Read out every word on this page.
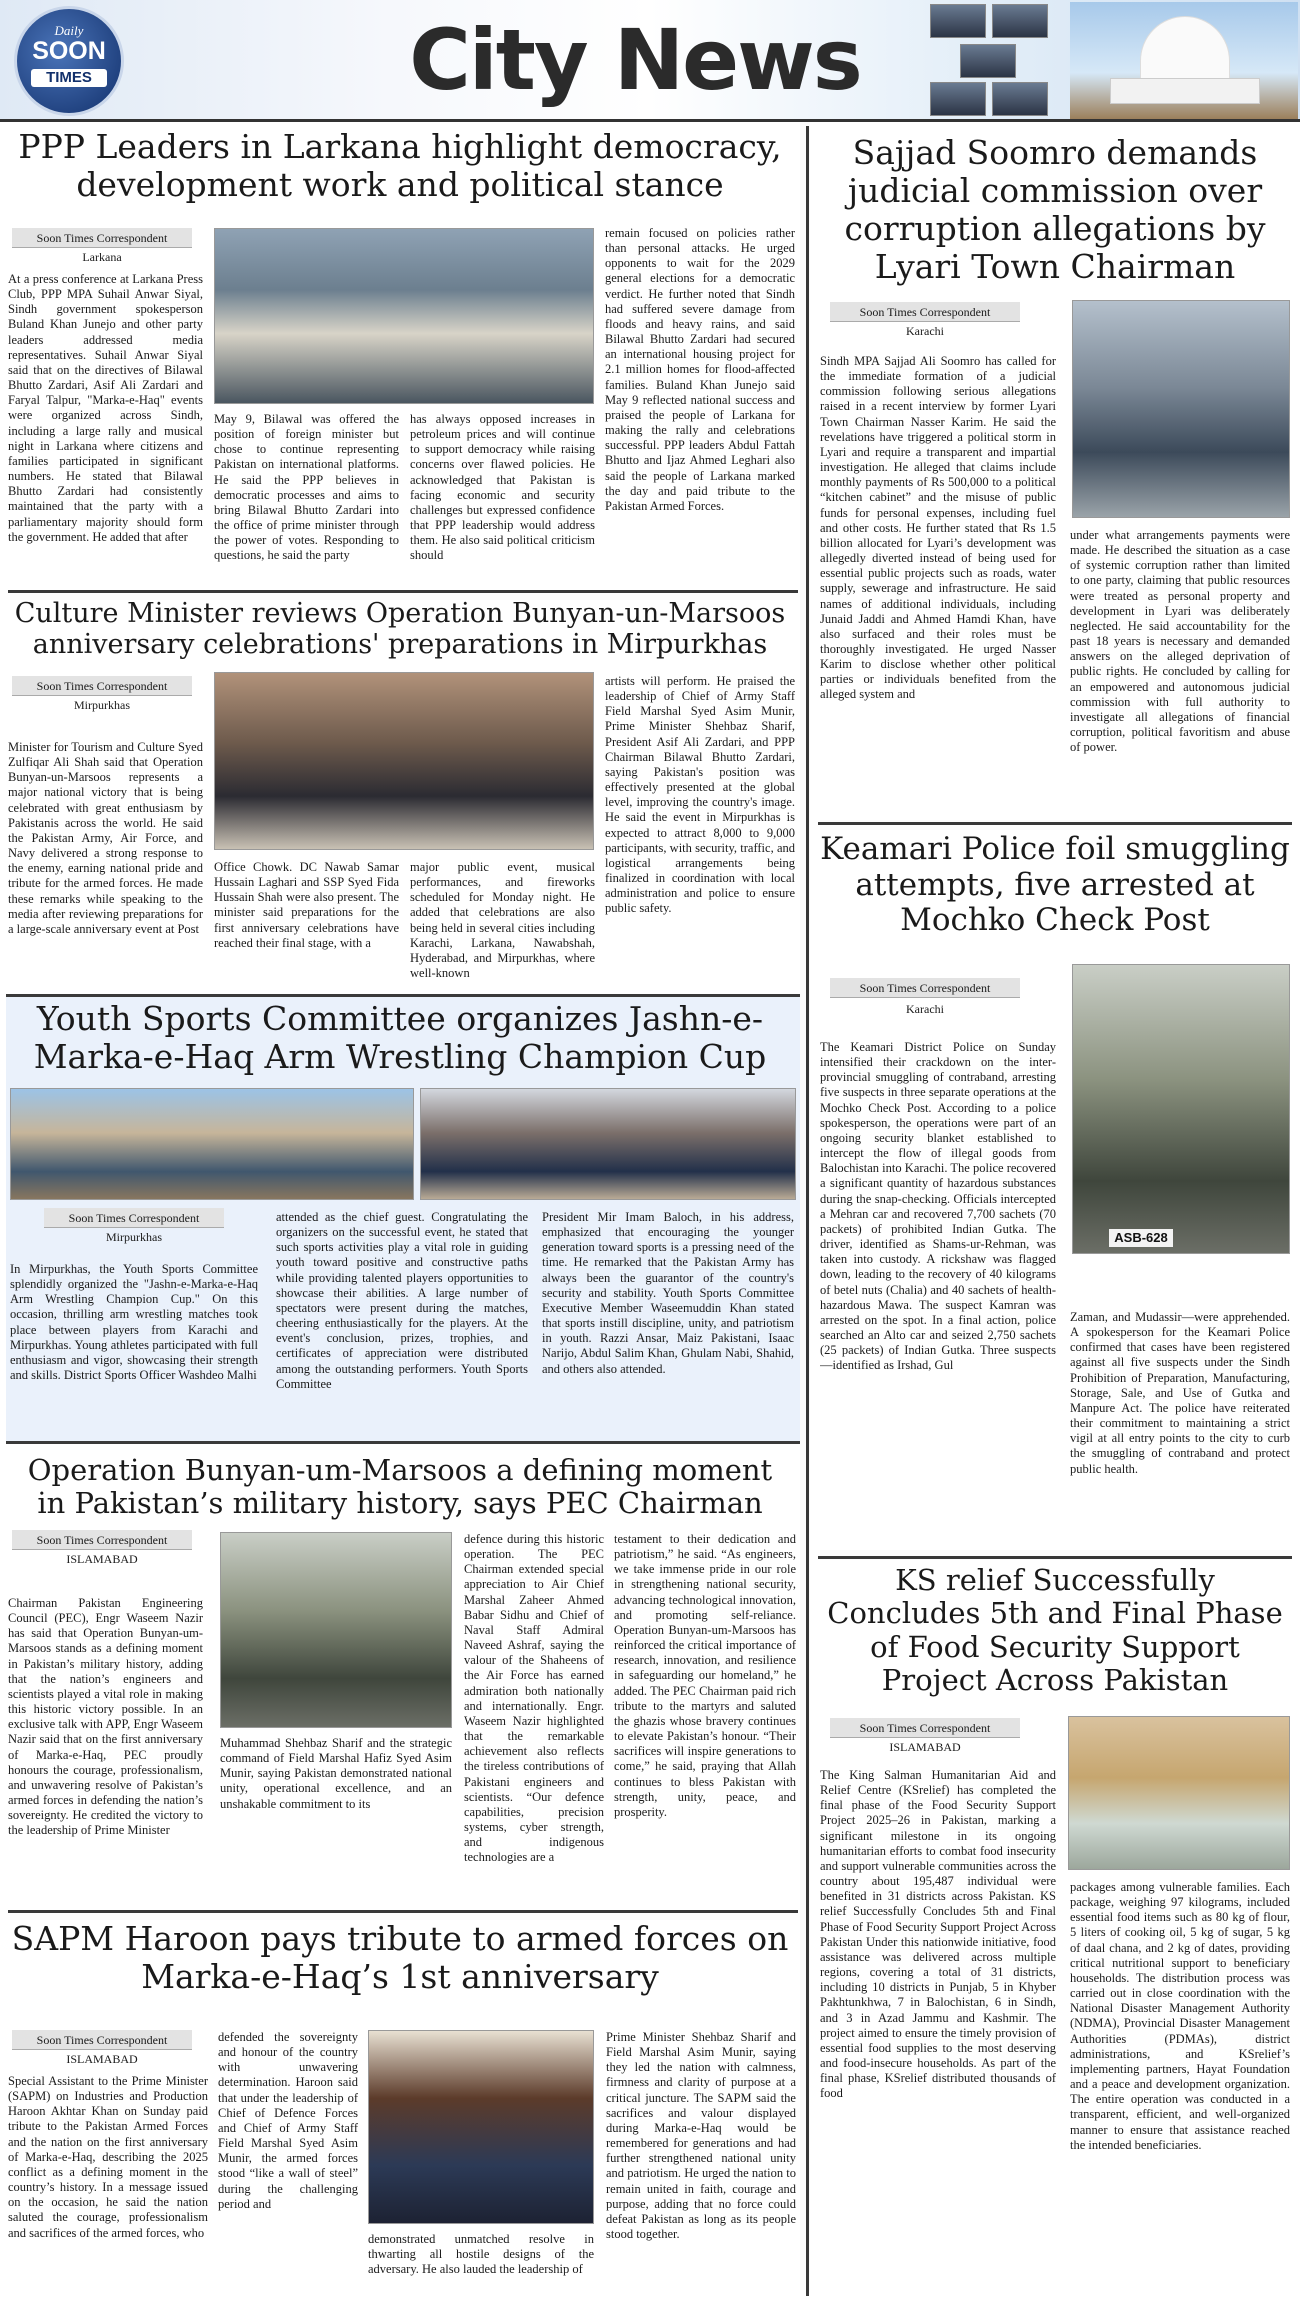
Daily
SOON
TIMES	City News
PPP Leaders in Larkana highlight democracy, development work and political stance
Soon Times Correspondent
Larkana
At a press conference at Larkana Press Club, PPP MPA Suhail Anwar Siyal, Sindh government spokesperson Buland Khan Junejo and other party leaders addressed media representatives. Suhail Anwar Siyal said that on the directives of Bilawal Bhutto Zardari, Asif Ali Zardari and Faryal Talpur, "Marka-e-Haq" events were organized across Sindh, including a large rally and musical night in Larkana where citizens and families participated in significant numbers. He stated that Bilawal Bhutto Zardari had consistently maintained that the party with a parliamentary majority should form the government. He added that after
May 9, Bilawal was offered the position of foreign minister but chose to continue representing Pakistan on international platforms. He said the PPP believes in democratic processes and aims to bring Bilawal Bhutto Zardari into the office of prime minister through the power of votes. Responding to questions, he said the party
has always opposed increases in petroleum prices and will continue to support democracy while raising concerns over flawed policies. He acknowledged that Pakistan is facing economic and security challenges but expressed confidence that PPP leadership would address them. He also said political criticism should
remain focused on policies rather than personal attacks. He urged opponents to wait for the 2029 general elections for a democratic verdict. He further noted that Sindh had suffered severe damage from floods and heavy rains, and said Bilawal Bhutto Zardari had secured an international housing project for 2.1 million homes for flood-affected families. Buland Khan Junejo said May 9 reflected national success and praised the people of Larkana for making the rally and celebrations successful. PPP leaders Abdul Fattah Bhutto and Ijaz Ahmed Leghari also said the people of Larkana marked the day and paid tribute to the Pakistan Armed Forces.
Culture Minister reviews Operation Bunyan-un-Marsoos anniversary celebrations' preparations in Mirpurkhas
Soon Times Correspondent
Mirpurkhas
Minister for Tourism and Culture Syed Zulfiqar Ali Shah said that Operation Bunyan-un-Marsoos represents a major national victory that is being celebrated with great enthusiasm by Pakistanis across the world. He said the Pakistan Army, Air Force, and Navy delivered a strong response to the enemy, earning national pride and tribute for the armed forces. He made these remarks while speaking to the media after reviewing preparations for a large-scale anniversary event at Post
Office Chowk. DC Nawab Samar Hussain Laghari and SSP Syed Fida Hussain Shah were also present. The minister said preparations for the first anniversary celebrations have reached their final stage, with a
major public event, musical performances, and fireworks scheduled for Monday night. He added that celebrations are also being held in several cities including Karachi, Larkana, Nawabshah, Hyderabad, and Mirpurkhas, where well-known
artists will perform. He praised the leadership of Chief of Army Staff Field Marshal Syed Asim Munir, Prime Minister Shehbaz Sharif, President Asif Ali Zardari, and PPP Chairman Bilawal Bhutto Zardari, saying Pakistan's position was effectively presented at the global level, improving the country's image. He said the event in Mirpurkhas is expected to attract 8,000 to 9,000 participants, with security, traffic, and logistical arrangements being finalized in coordination with local administration and police to ensure public safety.
Youth Sports Committee organizes Jashn-e-Marka-e-Haq Arm Wrestling Champion Cup
Soon Times Correspondent
Mirpurkhas
In Mirpurkhas, the Youth Sports Committee splendidly organized the "Jashn-e-Marka-e-Haq Arm Wrestling Champion Cup." On this occasion, thrilling arm wrestling matches took place between players from Karachi and Mirpurkhas. Young athletes participated with full enthusiasm and vigor, showcasing their strength and skills. District Sports Officer Washdeo Malhi
attended as the chief guest. Congratulating the organizers on the successful event, he stated that such sports activities play a vital role in guiding youth toward positive and constructive paths while providing talented players opportunities to showcase their abilities. A large number of spectators were present during the matches, cheering enthusiastically for the players. At the event's conclusion, prizes, trophies, and certificates of appreciation were distributed among the outstanding performers. Youth Sports Committee
President Mir Imam Baloch, in his address, emphasized that encouraging the younger generation toward sports is a pressing need of the time. He remarked that the Pakistan Army has always been the guarantor of the country's security and stability. Youth Sports Committee Executive Member Waseemuddin Khan stated that sports instill discipline, unity, and patriotism in youth. Razzi Ansar, Maiz Pakistani, Isaac Narijo, Abdul Salim Khan, Ghulam Nabi, Shahid, and others also attended.
Operation Bunyan-um-Marsoos a defining moment in Pakistan’s military history, says PEC Chairman
Soon Times Correspondent
ISLAMABAD
Chairman Pakistan Engineering Council (PEC), Engr Waseem Nazir has said that Operation Bunyan-um-Marsoos stands as a defining moment in Pakistan’s military history, adding that the nation’s engineers and scientists played a vital role in making this historic victory possible. In an exclusive talk with APP, Engr Waseem Nazir said that on the first anniversary of Marka-e-Haq, PEC proudly honours the courage, professionalism, and unwavering resolve of Pakistan’s armed forces in defending the nation’s sovereignty. He credited the victory to the leadership of Prime Minister
Muhammad Shehbaz Sharif and the strategic command of Field Marshal Hafiz Syed Asim Munir, saying Pakistan demonstrated national unity, operational excellence, and an unshakable commitment to its
defence during this historic operation. The PEC Chairman extended special appreciation to Air Chief Marshal Zaheer Ahmed Babar Sidhu and Chief of Naval Staff Admiral Naveed Ashraf, saying the valour of the Shaheens of the Air Force has earned admiration both nationally and internationally. Engr. Waseem Nazir highlighted that the remarkable achievement also reflects the tireless contributions of Pakistani engineers and scientists. “Our defence capabilities, precision systems, cyber strength, and indigenous technologies are a
testament to their dedication and patriotism,” he said. “As engineers, we take immense pride in our role in strengthening national security, advancing technological innovation, and promoting self-reliance. Operation Bunyan-um-Marsoos has reinforced the critical importance of research, innovation, and resilience in safeguarding our homeland,” he added. The PEC Chairman paid rich tribute to the martyrs and saluted the ghazis whose bravery continues to elevate Pakistan’s honour. “Their sacrifices will inspire generations to come,” he said, praying that Allah continues to bless Pakistan with strength, unity, peace, and prosperity.
SAPM Haroon pays tribute to armed forces on Marka-e-Haq’s 1st anniversary
Soon Times Correspondent
ISLAMABAD
Special Assistant to the Prime Minister (SAPM) on Industries and Production Haroon Akhtar Khan on Sunday paid tribute to the Pakistan Armed Forces and the nation on the first anniversary of Marka-e-Haq, describing the 2025 conflict as a defining moment in the country’s history. In a message issued on the occasion, he said the nation saluted the courage, professionalism and sacrifices of the armed forces, who
defended the sovereignty and honour of the country with unwavering determination. Haroon said that under the leadership of Chief of Defence Forces and Chief of Army Staff Field Marshal Syed Asim Munir, the armed forces stood “like a wall of steel” during the challenging period and
demonstrated unmatched resolve in thwarting all hostile designs of the adversary. He also lauded the leadership of
Prime Minister Shehbaz Sharif and Field Marshal Asim Munir, saying they led the nation with calmness, firmness and clarity of purpose at a critical juncture. The SAPM said the sacrifices and valour displayed during Marka-e-Haq would be remembered for generations and had further strengthened national unity and patriotism. He urged the nation to remain united in faith, courage and purpose, adding that no force could defeat Pakistan as long as its people stood together.
Sajjad Soomro demands judicial commission over corruption allegations by Lyari Town Chairman
Soon Times Correspondent
Karachi
Sindh MPA Sajjad Ali Soomro has called for the immediate formation of a judicial commission following serious allegations raised in a recent interview by former Lyari Town Chairman Nasser Karim. He said the revelations have triggered a political storm in Lyari and require a transparent and impartial investigation. He alleged that claims include monthly payments of Rs 500,000 to a political “kitchen cabinet” and the misuse of public funds for personal expenses, including fuel and other costs. He further stated that Rs 1.5 billion allocated for Lyari’s development was allegedly diverted instead of being used for essential public projects such as roads, water supply, sewerage and infrastructure. He said names of additional individuals, including Junaid Jaddi and Ahmed Hamdi Khan, have also surfaced and their roles must be thoroughly investigated. He urged Nasser Karim to disclose whether other political parties or individuals benefited from the alleged system and
under what arrangements payments were made. He described the situation as a case of systemic corruption rather than limited to one party, claiming that public resources were treated as personal property and development in Lyari was deliberately neglected. He said accountability for the past 18 years is necessary and demanded answers on the alleged deprivation of public rights. He concluded by calling for an empowered and autonomous judicial commission with full authority to investigate all allegations of financial corruption, political favoritism and abuse of power.
Keamari Police foil smuggling attempts, five arrested at Mochko Check Post
Soon Times Correspondent
Karachi
The Keamari District Police on Sunday intensified their crackdown on the inter-provincial smuggling of contraband, arresting five suspects in three separate operations at the Mochko Check Post. According to a police spokesperson, the operations were part of an ongoing security blanket established to intercept the flow of illegal goods from Balochistan into Karachi. The police recovered a significant quantity of hazardous substances during the snap-checking. Officials intercepted a Mehran car and recovered 7,700 sachets (70 packets) of prohibited Indian Gutka. The driver, identified as Shams-ur-Rehman, was taken into custody. A rickshaw was flagged down, leading to the recovery of 40 kilograms of betel nuts (Chalia) and 40 sachets of health-hazardous Mawa. The suspect Kamran was arrested on the spot. In a final action, police searched an Alto car and seized 2,750 sachets (25 packets) of Indian Gutka. Three suspects—identified as Irshad, Gul
ASB-628
Zaman, and Mudassir—were apprehended. A spokesperson for the Keamari Police confirmed that cases have been registered against all five suspects under the Sindh Prohibition of Preparation, Manufacturing, Storage, Sale, and Use of Gutka and Manpure Act. The police have reiterated their commitment to maintaining a strict vigil at all entry points to the city to curb the smuggling of contraband and protect public health.
KS relief Successfully Concludes 5th and Final Phase of Food Security Support Project Across Pakistan
Soon Times Correspondent
ISLAMABAD
The King Salman Humanitarian Aid and Relief Centre (KSrelief) has completed the final phase of the Food Security Support Project 2025–26 in Pakistan, marking a significant milestone in its ongoing humanitarian efforts to combat food insecurity and support vulnerable communities across the country about 195,487 individual were benefited in 31 districts across Pakistan. KS relief Successfully Concludes 5th and Final Phase of Food Security Support Project Across Pakistan Under this nationwide initiative, food assistance was delivered across multiple regions, covering a total of 31 districts, including 10 districts in Punjab, 5 in Khyber Pakhtunkhwa, 7 in Balochistan, 6 in Sindh, and 3 in Azad Jammu and Kashmir. The project aimed to ensure the timely provision of essential food supplies to the most deserving and food-insecure households. As part of the final phase, KSrelief distributed thousands of food
packages among vulnerable families. Each package, weighing 97 kilograms, included essential food items such as 80 kg of flour, 5 liters of cooking oil, 5 kg of sugar, 5 kg of daal chana, and 2 kg of dates, providing critical nutritional support to beneficiary households. The distribution process was carried out in close coordination with the National Disaster Management Authority (NDMA), Provincial Disaster Management Authorities (PDMAs), district administrations, and KSrelief’s implementing partners, Hayat Foundation and a peace and development organization. The entire operation was conducted in a transparent, efficient, and well-organized manner to ensure that assistance reached the intended beneficiaries.
